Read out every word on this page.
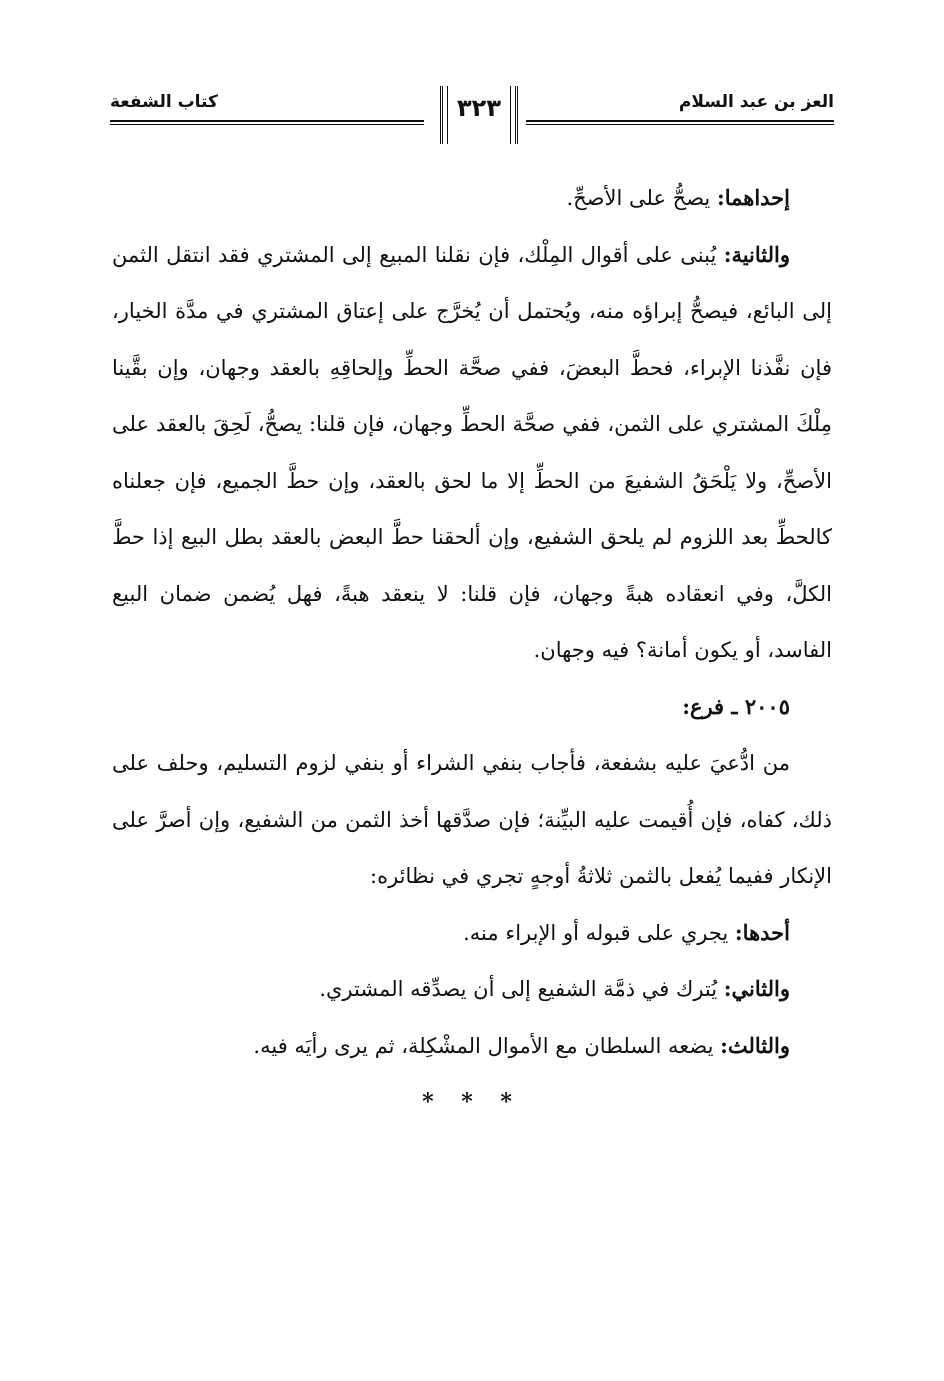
العز بن عبد السلام
كتاب الشفعة	٣٢٣

إحداهما: يصحُّ على الأصحِّ.

والثانية: يُبنى على أقوال المِلْك، فإن نقلنا المبيع إلى المشتري فقد انتقل الثمن إلى البائع، فيصحُّ إبراؤه منه، ويُحتمل أن يُخرَّج على إعتاق المشتري في مدَّة الخيار، فإن نفَّذنا الإبراء، فحطَّ البعضَ، ففي صحَّة الحطِّ وإلحاقِهِ بالعقد وجهان، وإن بقَّينا مِلْكَ المشتري على الثمن، ففي صحَّة الحطِّ وجهان، فإن قلنا: يصحُّ، لَحِقَ بالعقد على الأصحِّ، ولا يَلْحَقُ الشفيعَ من الحطِّ إلا ما لحق بالعقد، وإن حطَّ الجميع، فإن جعلناه كالحطِّ بعد اللزوم لم يلحق الشفيع، وإن ألحقنا حطَّ البعض بالعقد بطل البيع إذا حطَّ الكلَّ، وفي انعقاده هبةً وجهان، فإن قلنا: لا ينعقد هبةً، فهل يُضمن ضمان البيع الفاسد، أو يكون أمانة؟ فيه وجهان.

٢٠٠٥ ـ فرع:

من ادُّعيَ عليه بشفعة، فأجاب بنفي الشراء أو بنفي لزوم التسليم، وحلف على ذلك، كفاه، فإن أُقيمت عليه البيِّنة؛ فإن صدَّقها أخذ الثمن من الشفيع، وإن أصرَّ على الإنكار ففيما يُفعل بالثمن ثلاثةُ أوجهٍ تجري في نظائره:

أحدها: يجري على قبوله أو الإبراء منه.

والثاني: يُترك في ذمَّة الشفيع إلى أن يصدِّقه المشتري.

والثالث: يضعه السلطان مع الأموال المشْكِلة، ثم يرى رأيَه فيه.

* * *
